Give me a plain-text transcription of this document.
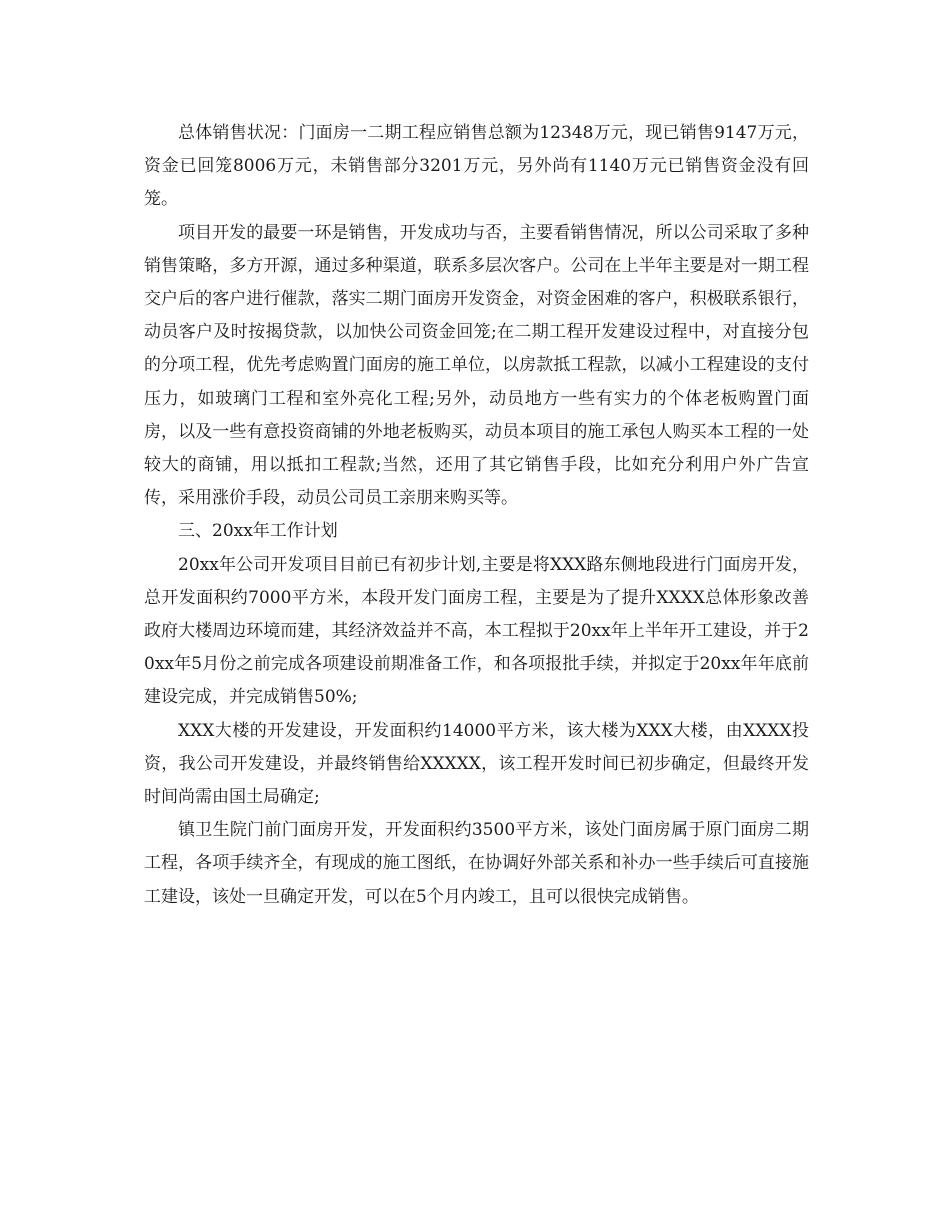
总体销售状况：门面房一二期工程应销售总额为12348万元，现已销售9147万元，资金已回笼8006万元，未销售部分3201万元，另外尚有1140万元已销售资金没有回笼。

项目开发的最要一环是销售，开发成功与否，主要看销售情况，所以公司采取了多种销售策略，多方开源，通过多种渠道，联系多层次客户。公司在上半年主要是对一期工程交户后的客户进行催款，落实二期门面房开发资金，对资金困难的客户，积极联系银行，动员客户及时按揭贷款，以加快公司资金回笼;在二期工程开发建设过程中，对直接分包的分项工程，优先考虑购置门面房的施工单位，以房款抵工程款，以减小工程建设的支付压力，如玻璃门工程和室外亮化工程;另外，动员地方一些有实力的个体老板购置门面房，以及一些有意投资商铺的外地老板购买，动员本项目的施工承包人购买本工程的一处较大的商铺，用以抵扣工程款;当然，还用了其它销售手段，比如充分利用户外广告宣传，采用涨价手段，动员公司员工亲朋来购买等。

三、20xx年工作计划

20xx年公司开发项目目前已有初步计划,主要是将XXX路东侧地段进行门面房开发，总开发面积约7000平方米，本段开发门面房工程，主要是为了提升XXXX总体形象改善政府大楼周边环境而建，其经济效益并不高，本工程拟于20xx年上半年开工建设，并于20xx年5月份之前完成各项建设前期准备工作，和各项报批手续，并拟定于20xx年年底前建设完成，并完成销售50%;

XXX大楼的开发建设，开发面积约14000平方米，该大楼为XXX大楼，由XXXX投资，我公司开发建设，并最终销售给XXXXX，该工程开发时间已初步确定，但最终开发时间尚需由国土局确定;

镇卫生院门前门面房开发，开发面积约3500平方米，该处门面房属于原门面房二期工程，各项手续齐全，有现成的施工图纸，在协调好外部关系和补办一些手续后可直接施工建设，该处一旦确定开发，可以在5个月内竣工，且可以很快完成销售。
